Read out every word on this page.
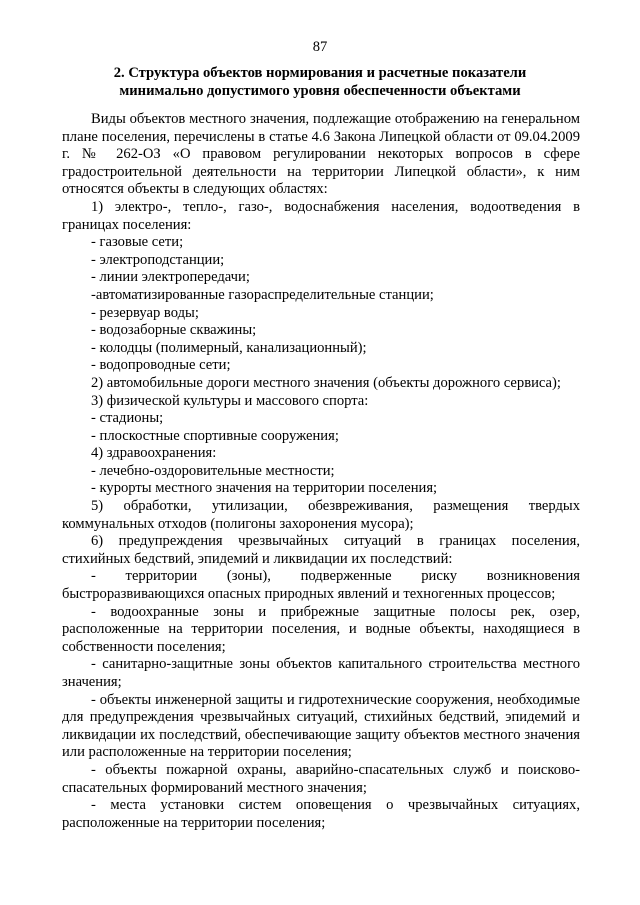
87
2. Структура объектов нормирования и расчетные показатели
минимально допустимого уровня обеспеченности объектами

Виды объектов местного значения, подлежащие отображению на генеральном плане поселения, перечислены в статье 4.6 Закона Липецкой области от 09.04.2009 г. № 262-ОЗ «О правовом регулировании некоторых вопросов в сфере градостроительной деятельности на территории Липецкой области», к ним относятся объекты в следующих областях:

1) электро-, тепло-, газо-, водоснабжения населения, водоотведения в границах поселения:

- газовые сети;

- электроподстанции;

- линии электропередачи;

-автоматизированные газораспределительные станции;

- резервуар воды;

- водозаборные скважины;

- колодцы (полимерный, канализационный);

- водопроводные сети;

2) автомобильные дороги местного значения (объекты дорожного сервиса);

3) физической культуры и массового спорта:

- стадионы;

- плоскостные спортивные сооружения;

4) здравоохранения:

- лечебно-оздоровительные местности;

- курорты местного значения на территории поселения;

5) обработки, утилизации, обезвреживания, размещения твердых коммунальных отходов (полигоны захоронения мусора);

6) предупреждения чрезвычайных ситуаций в границах поселения, стихийных бедствий, эпидемий и ликвидации их последствий:

- территории (зоны), подверженные риску возникновения быстроразвивающихся опасных природных явлений и техногенных процессов;

- водоохранные зоны и прибрежные защитные полосы рек, озер, расположенные на территории поселения, и водные объекты, находящиеся в собственности поселения;

- санитарно-защитные зоны объектов капитального строительства местного значения;

- объекты инженерной защиты и гидротехнические сооружения, необходимые для предупреждения чрезвычайных ситуаций, стихийных бедствий, эпидемий и ликвидации их последствий, обеспечивающие защиту объектов местного значения или расположенные на территории поселения;

- объекты пожарной охраны, аварийно-спасательных служб и поисково-спасательных формирований местного значения;

- места установки систем оповещения о чрезвычайных ситуациях, расположенные на территории поселения;
